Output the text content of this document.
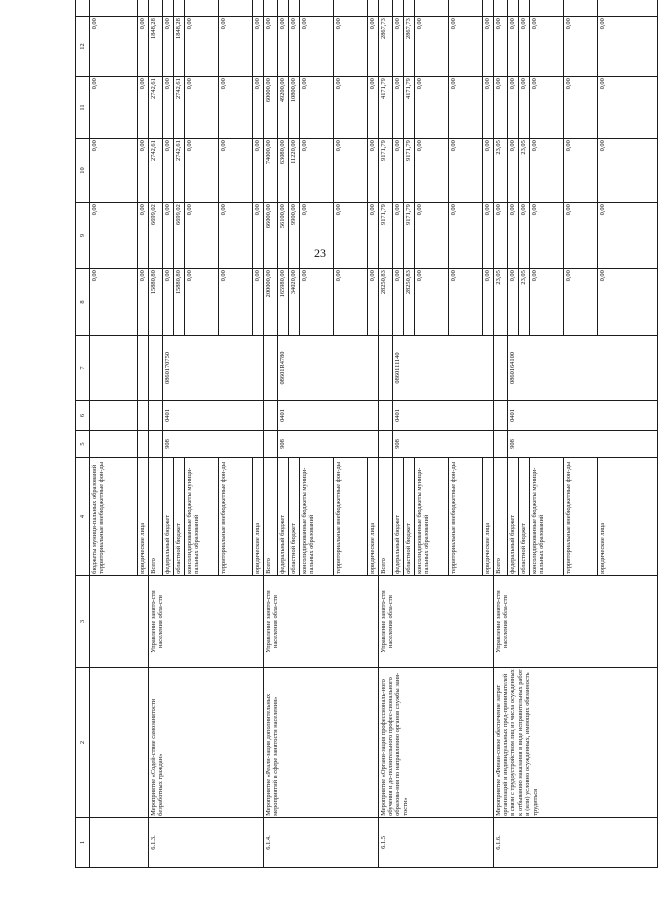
23
1	2	3	4	5	6	7	8	9	10	11	12	
			бюджеты муници-пальных образований территориальные внебюджетные фон-ды				0,00	0,00	0,00	0,00	0,00	
			юридические лица				0,00	0,00	0,00	0,00	0,00	
6.1.3.	Мероприятие «Содей-ствие самозанятости безработных граждан»	Управление занято-сти населения обла-сти	Всего				15880,80	6699,02	2742,61	2742,61	1848,28	
			федеральный бюджет	908	0401	0860170750	0,00	0,00	0,00	0,00	0,00	
			областной бюджет				15880,80	6699,02	2742,61	2742,61	1848,28	
			консолидированные бюджеты муници-пальных образований				0,00	0,00	0,00	0,00	0,00	
			территориальные внебюджетные фон-ды				0,00	0,00	0,00	0,00	0,00	
			юридические лица				0,00	0,00	0,00	0,00	0,00	
6.1.4.	Мероприятие «Реали-зация дополнительных мероприятий в сфере занятости населения»	Управление занято-сти населения обла-сти	Всего				200000,00	66000,00	74000,00	60000,00	0,00	
			федеральный бюджет	908	0401	08601R4780	165980,00	56100,00	63080,00	49200,00	0,00	
			областной бюджет				34020,00	9900,00	11220,00	10800,00	0,00	
			консолидированные бюджеты муници-пальных образований				0,00	0,00	0,00	0,00	0,00	
			территориальные внебюджетные фон-ды				0,00	0,00	0,00	0,00	0,00	
			юридические лица				0,00	0,00	0,00	0,00	0,00	
6.1.5	Мероприятие «Органи-зация профессиональ-ного обучения и до-полнительного профес-сионального образова-ния по направлению органов службы заня-тости»	Управление занято-сти населения обла-сти	Всего				28250,83	9171,79	9171,79	4171,79	2867,73	
			федеральный бюджет	908	0401	0860111140	0,00	0,00	0,00	0,00	0,00	
			областной бюджет				28250,83	9171,79	9171,79	4171,79	2867,73	
			консолидированные бюджеты муници-пальных образований				0,00	0,00	0,00	0,00	0,00	
			территориальные внебюджетные фон-ды				0,00	0,00	0,00	0,00	0,00	
			юридические лица				0,00	0,00	0,00	0,00	0,00	
6.1.6.	Мероприятие «Финан-совое обеспечение затрат организаций и индивидуальных пред-принимателей в связи с трудоустройством лиц из числа осужденных к отбыванию наказания в виде исправительных работ и (или) условно осужденных, имеющих обязанность трудиться	Управление занято-сти населения обла-сти	Всего				23,05	0,00	23,05	0,00	0,00	
			федеральный бюджет	908	0401	0860164100	0,00	0,00	0,00	0,00	0,00	
			областной бюджет				23,05	0,00	23,05	0,00	0,00	
			консолидированные бюджеты муници-пальных образований				0,00	0,00	0,00	0,00	0,00	
			территориальные внебюджетные фон-ды				0,00	0,00	0,00	0,00	0,00	
			юридические лица				0,00	0,00	0,00	0,00	0,00	
